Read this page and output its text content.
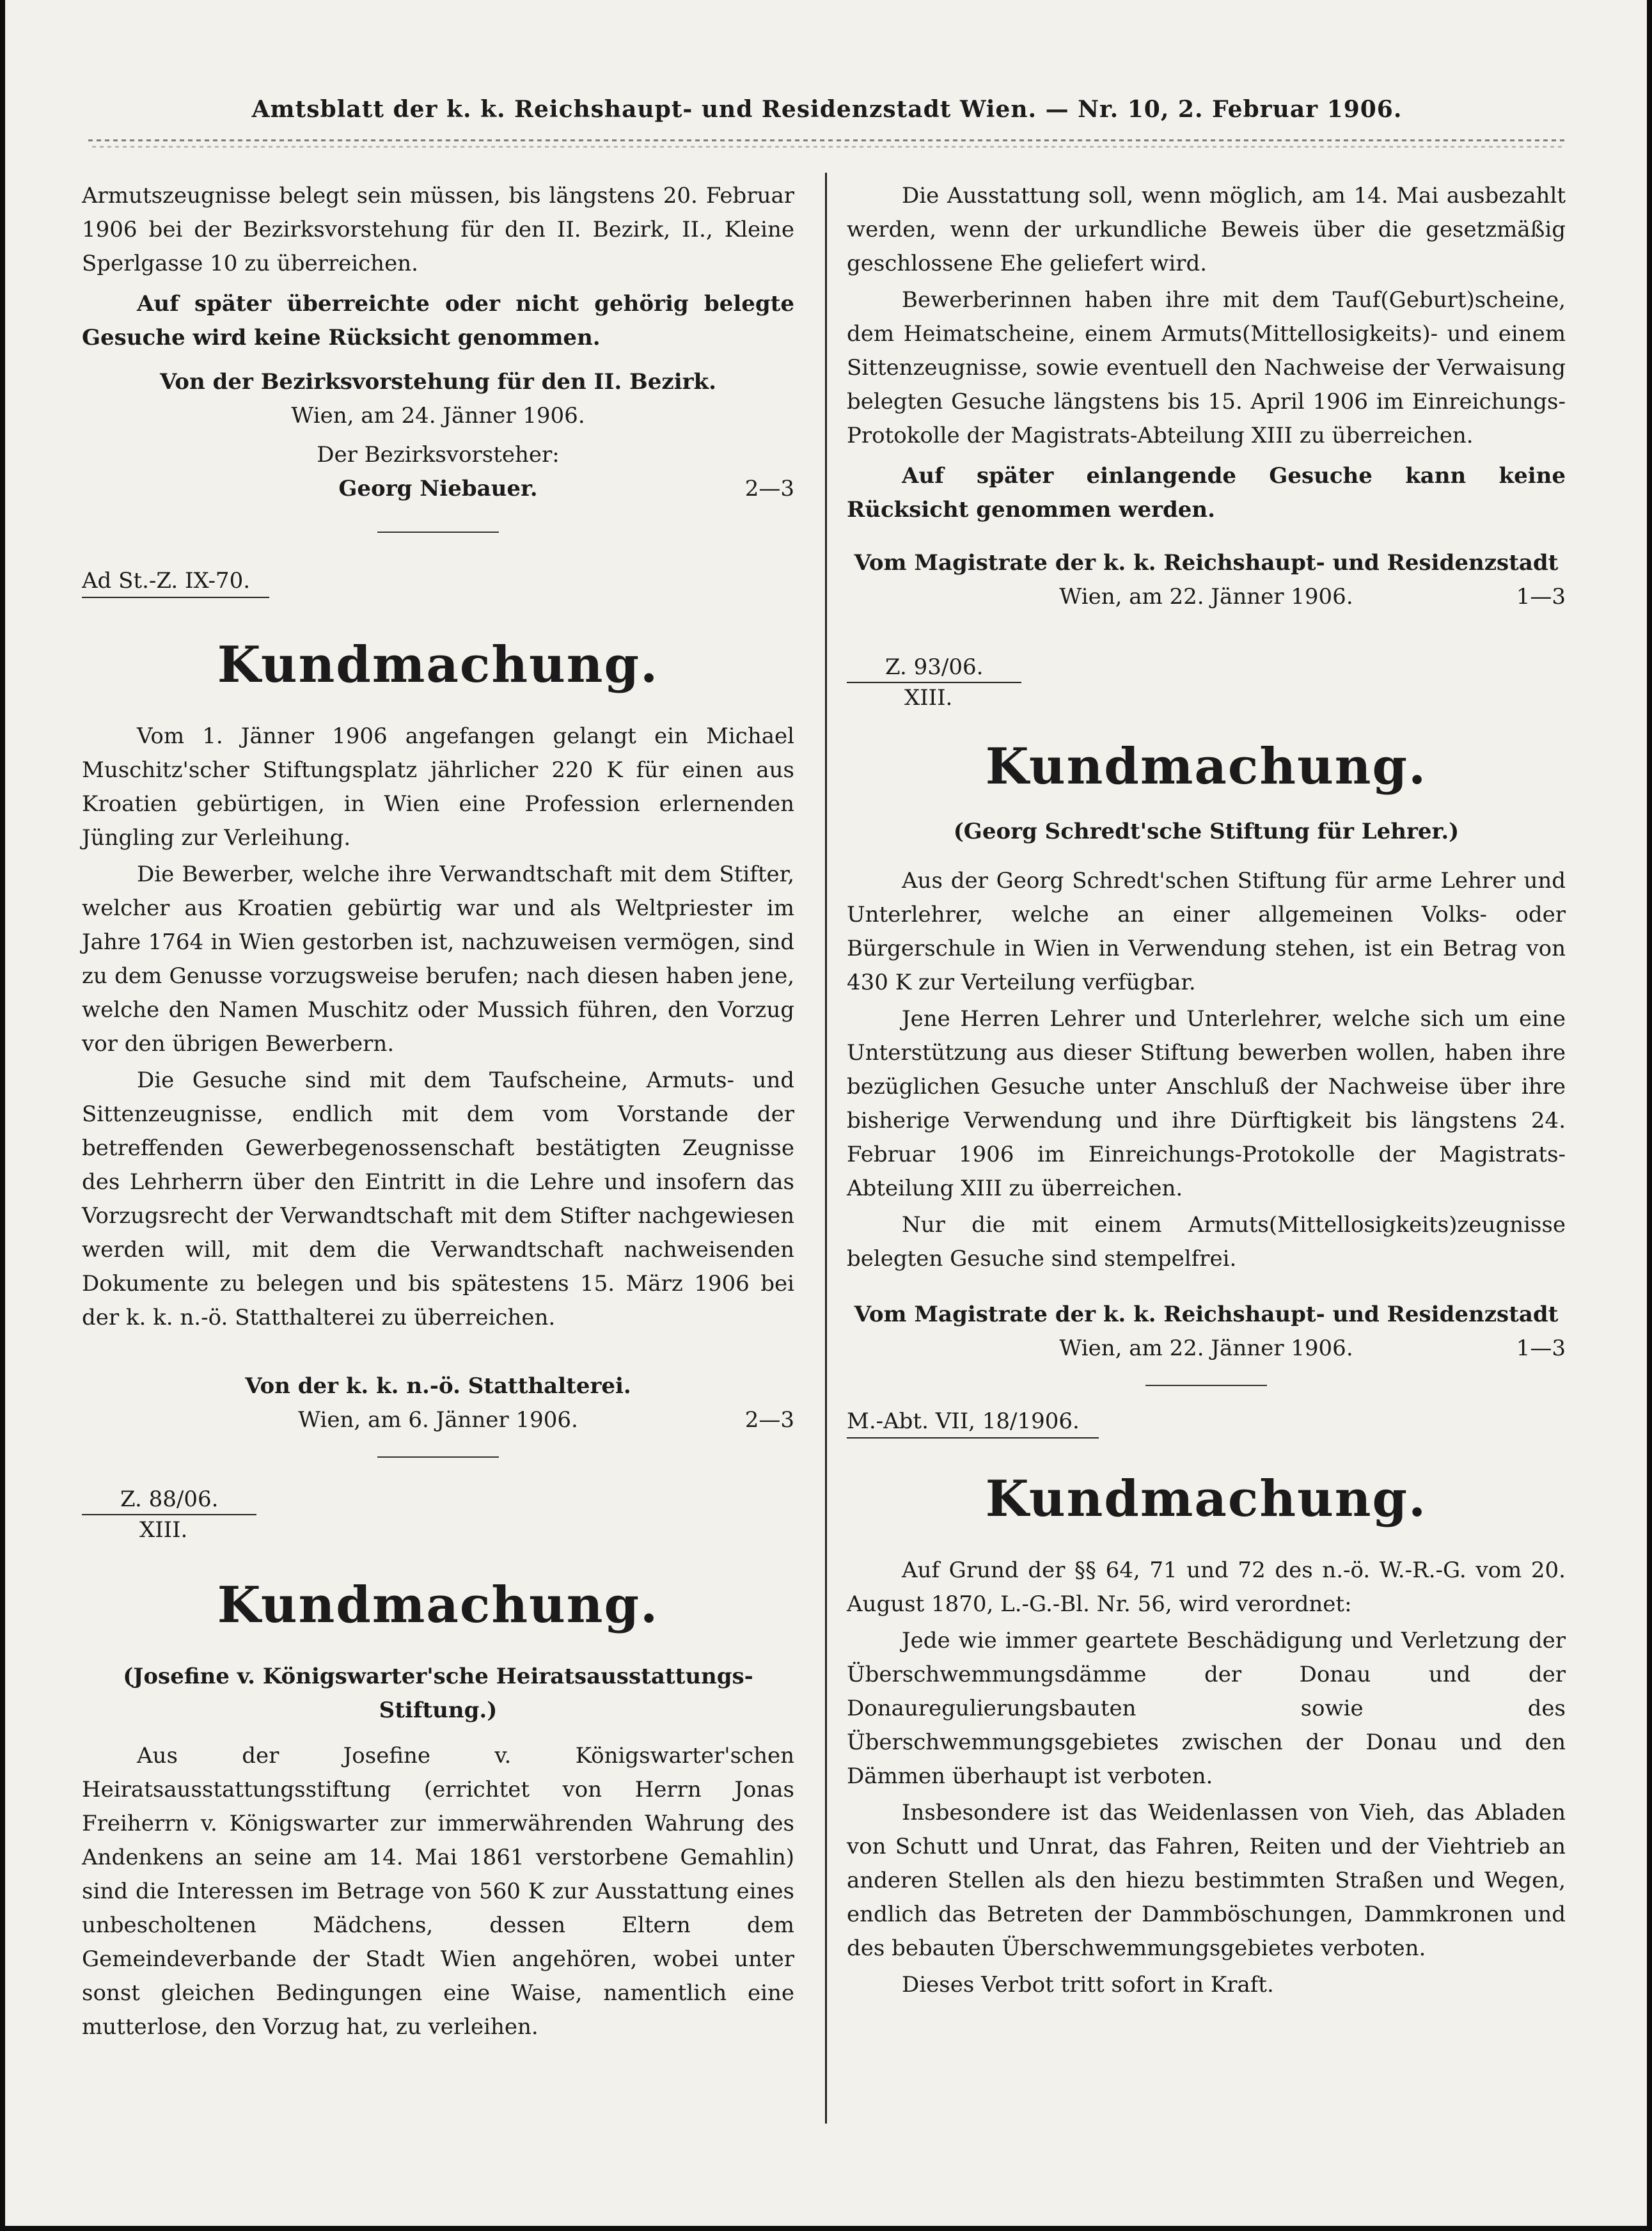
Amtsblatt der k. k. Reichshaupt- und Residenzstadt Wien. — Nr. 10, 2. Februar 1906.

Armutszeugnisse belegt sein müssen, bis längstens 20. Februar 1906 bei der Bezirksvorstehung für den II. Bezirk, II., Kleine Sperlgasse 10 zu überreichen.

Auf später überreichte oder nicht gehörig belegte Gesuche wird keine Rücksicht genommen.

Von der Bezirksvorstehung für den II. Bezirk.

Wien, am 24. Jänner 1906.

Der Bezirksvorsteher:

Georg Niebauer.	2—3
Ad St.-Z. IX-70.
Kundmachung.

Vom 1. Jänner 1906 angefangen gelangt ein Michael Muschitz'scher Stiftungsplatz jährlicher 220 K für einen aus Kroatien gebürtigen, in Wien eine Profession erlernenden Jüngling zur Verleihung.

Die Bewerber, welche ihre Verwandtschaft mit dem Stifter, welcher aus Kroatien gebürtig war und als Weltpriester im Jahre 1764 in Wien gestorben ist, nachzuweisen vermögen, sind zu dem Genusse vorzugsweise berufen; nach diesen haben jene, welche den Namen Muschitz oder Mussich führen, den Vorzug vor den übrigen Bewerbern.

Die Gesuche sind mit dem Taufscheine, Armuts- und Sittenzeugnisse, endlich mit dem vom Vorstande der betreffenden Gewerbegenossenschaft bestätigten Zeugnisse des Lehrherrn über den Eintritt in die Lehre und insofern das Vorzugsrecht der Verwandtschaft mit dem Stifter nachgewiesen werden will, mit dem die Verwandtschaft nachweisenden Dokumente zu belegen und bis spätestens 15. März 1906 bei der k. k. n.-ö. Statthalterei zu überreichen.

Von der k. k. n.-ö. Statthalterei.

Wien, am 6. Jänner 1906.	2—3
Z. 88/06.
XIII.
Kundmachung.

(Josefine v. Königswarter'sche Heiratsausstattungs-Stiftung.)

Aus der Josefine v. Königswarter'schen Heiratsausstattungsstiftung (errichtet von Herrn Jonas Freiherrn v. Königswarter zur immerwährenden Wahrung des Andenkens an seine am 14. Mai 1861 verstorbene Gemahlin) sind die Interessen im Betrage von 560 K zur Ausstattung eines unbescholtenen Mädchens, dessen Eltern dem Gemeindeverbande der Stadt Wien angehören, wobei unter sonst gleichen Bedingungen eine Waise, namentlich eine mutterlose, den Vorzug hat, zu verleihen.

Die Ausstattung soll, wenn möglich, am 14. Mai ausbezahlt werden, wenn der urkundliche Beweis über die gesetzmäßig geschlossene Ehe geliefert wird.

Bewerberinnen haben ihre mit dem Tauf(Geburt)scheine, dem Heimatscheine, einem Armuts(Mittellosigkeits)- und einem Sittenzeugnisse, sowie eventuell den Nachweise der Verwaisung belegten Gesuche längstens bis 15. April 1906 im Einreichungs-Protokolle der Magistrats-Abteilung XIII zu überreichen.

Auf später einlangende Gesuche kann keine Rücksicht genommen werden.

Vom Magistrate der k. k. Reichshaupt- und Residenzstadt

Wien, am 22. Jänner 1906.	1—3
Z. 93/06.
XIII.
Kundmachung.

(Georg Schredt'sche Stiftung für Lehrer.)

Aus der Georg Schredt'schen Stiftung für arme Lehrer und Unterlehrer, welche an einer allgemeinen Volks- oder Bürgerschule in Wien in Verwendung stehen, ist ein Betrag von 430 K zur Verteilung verfügbar.

Jene Herren Lehrer und Unterlehrer, welche sich um eine Unterstützung aus dieser Stiftung bewerben wollen, haben ihre bezüglichen Gesuche unter Anschluß der Nachweise über ihre bisherige Verwendung und ihre Dürftigkeit bis längstens 24. Februar 1906 im Einreichungs-Protokolle der Magistrats-Abteilung XIII zu überreichen.

Nur die mit einem Armuts(Mittellosigkeits)zeugnisse belegten Gesuche sind stempelfrei.

Vom Magistrate der k. k. Reichshaupt- und Residenzstadt

Wien, am 22. Jänner 1906.	1—3
M.-Abt. VII, 18/1906.
Kundmachung.

Auf Grund der §§ 64, 71 und 72 des n.-ö. W.-R.-G. vom 20. August 1870, L.-G.-Bl. Nr. 56, wird verordnet:

Jede wie immer geartete Beschädigung und Verletzung der Überschwemmungsdämme der Donau und der Donauregulierungsbauten sowie des Überschwemmungsgebietes zwischen der Donau und den Dämmen überhaupt ist verboten.

Insbesondere ist das Weidenlassen von Vieh, das Abladen von Schutt und Unrat, das Fahren, Reiten und der Viehtrieb an anderen Stellen als den hiezu bestimmten Straßen und Wegen, endlich das Betreten der Dammböschungen, Dammkronen und des bebauten Überschwemmungsgebietes verboten.

Dieses Verbot tritt sofort in Kraft.
